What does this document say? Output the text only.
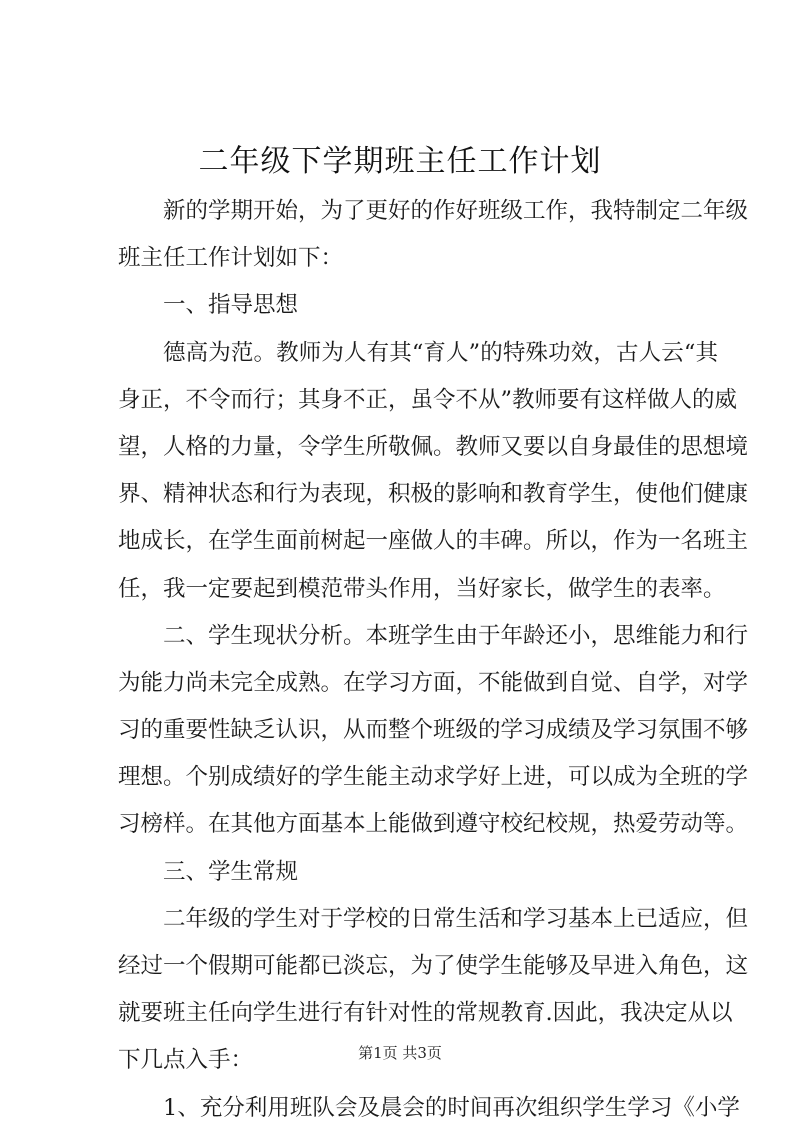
二年级下学期班主任工作计划
新的学期开始，为了更好的作好班级工作，我特制定二年级
班主任工作计划如下：
一、指导思想
德高为范。教师为人有其“育人”的特殊功效，古人云“其
身正，不令而行；其身不正，虽令不从”教师要有这样做人的威
望，人格的力量，令学生所敬佩。教师又要以自身最佳的思想境
界、精神状态和行为表现，积极的影响和教育学生，使他们健康
地成长，在学生面前树起一座做人的丰碑。所以，作为一名班主
任，我一定要起到模范带头作用，当好家长，做学生的表率。
二、学生现状分析。本班学生由于年龄还小，思维能力和行
为能力尚未完全成熟。在学习方面，不能做到自觉、自学，对学
习的重要性缺乏认识，从而整个班级的学习成绩及学习氛围不够
理想。个别成绩好的学生能主动求学好上进，可以成为全班的学
习榜样。在其他方面基本上能做到遵守校纪校规，热爱劳动等。
三、学生常规
二年级的学生对于学校的日常生活和学习基本上已适应，但
经过一个假期可能都已淡忘，为了使学生能够及早进入角色，这
就要班主任向学生进行有针对性的常规教育.因此，我决定从以
下几点入手：
1、充分利用班队会及晨会的时间再次组织学生学习《小学
第1页 共3页
